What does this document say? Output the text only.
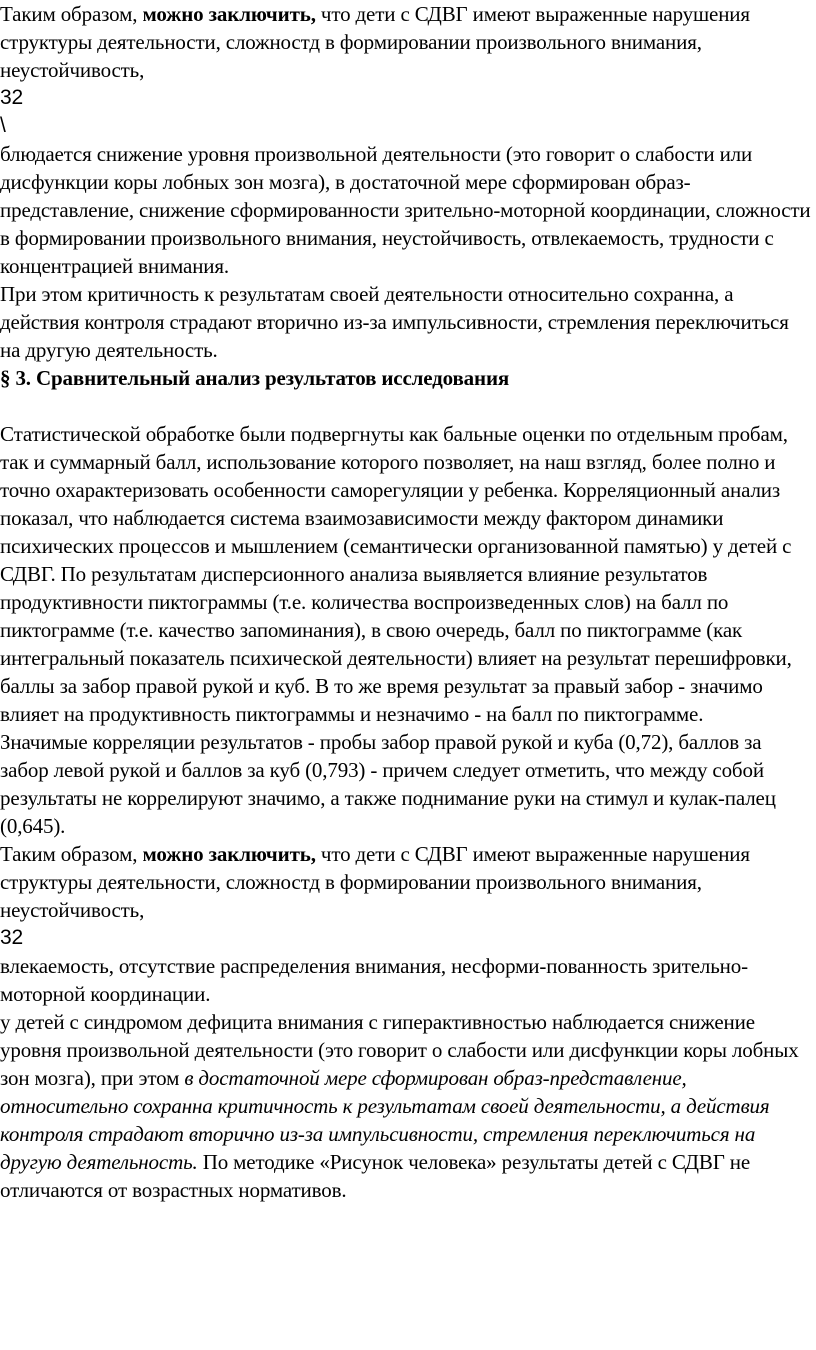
Таким образом, можно заключить, что дети с СДВГ имеют выраженные нарушения структуры деятельности, сложностд в формировании произвольного внимания, неустойчивость,

32

\

блюдается снижение уровня произвольной деятельности (это говорит о слабости или дисфункции коры лобных зон мозга), в достаточной мере сформирован образ-представление, снижение сформированности зрительно-моторной координации, сложности в формировании произвольного внимания, неустойчивость, отвлекаемость, трудности с концентрацией внимания.

При этом критичность к результатам своей деятельности относительно сохранна, а действия контроля страдают вторично из-за импульсивности, стремления переключиться на другую деятельность.

§ 3. Сравнительный анализ результатов исследования

Статистической обработке были подвергнуты как бальные оценки по отдельным пробам, так и суммарный балл, использование которого позволяет, на наш взгляд, более полно и точно охарактеризовать особенности саморегуляции у ребенка. Корреляционный анализ показал, что наблюдается система взаимозависимости между фактором динамики психических процессов и мышлением (семантически организованной памятью) у детей с СДВГ. По результатам дисперсионного анализа выявляется влияние результатов продуктивности пиктограммы (т.е. количества воспроизведенных слов) на балл по пиктограмме (т.е. качество запоминания), в свою очередь, балл по пиктограмме (как интегральный показатель психической деятельности) влияет на результат перешифровки, баллы за забор правой рукой и куб. В то же время результат за правый забор - значимо влияет на продуктивность пиктограммы и незначимо - на балл по пиктограмме.

Значимые корреляции результатов - пробы забор правой рукой и куба (0,72), баллов за забор левой рукой и баллов за куб (0,793) - причем следует отметить, что между собой результаты не коррелируют значимо, а также поднимание руки на стимул и кулак-палец (0,645).

Таким образом, можно заключить, что дети с СДВГ имеют выраженные нарушения структуры деятельности, сложностд в формировании произвольного внимания, неустойчивость,

32

влекаемость, отсутствие распределения внимания, несформи-пованность зрительно-моторной координации.

у детей с синдромом дефицита внимания с гиперактивностью наблюдается снижение уровня произвольной деятельности (это говорит о слабости или дисфункции коры лобных зон мозга), при этом в достаточной мере сформирован образ-представление, относительно сохранна критичность к результатам своей деятельности, а действия контроля страдают вторично из-за импульсивности, стремления переключиться на другую деятельность. По методике «Рисунок человека» результаты детей с СДВГ не отличаются от возрастных нормативов.
